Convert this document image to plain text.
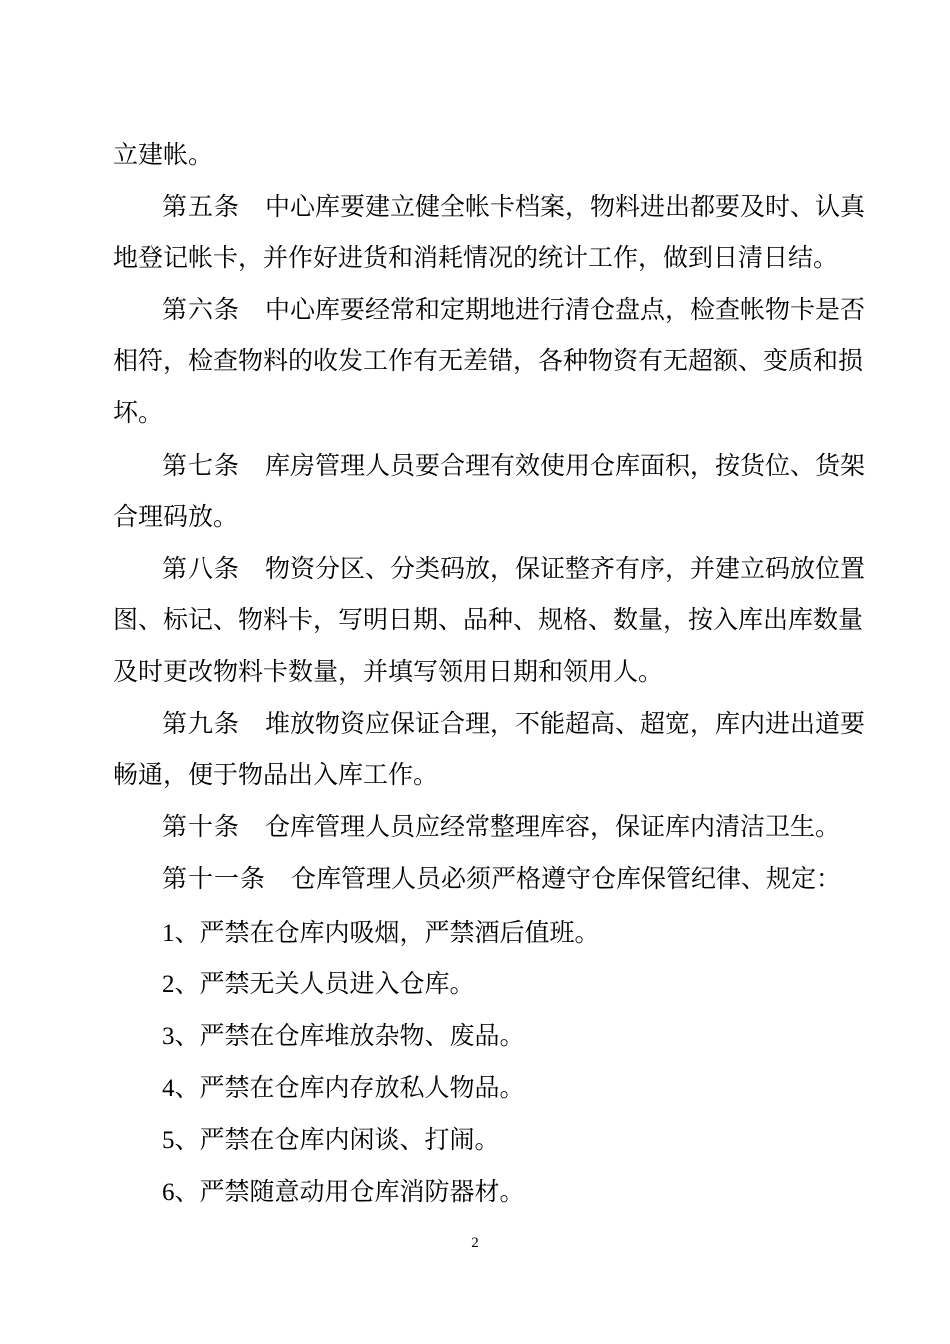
立建帐。
第五条 中心库要建立健全帐卡档案，物料进出都要及时、认真
地登记帐卡，并作好进货和消耗情况的统计工作，做到日清日结。
第六条 中心库要经常和定期地进行清仓盘点，检查帐物卡是否
相符，检查物料的收发工作有无差错，各种物资有无超额、变质和损
坏。
第七条 库房管理人员要合理有效使用仓库面积，按货位、货架
合理码放。
第八条 物资分区、分类码放，保证整齐有序，并建立码放位置
图、标记、物料卡，写明日期、品种、规格、数量，按入库出库数量
及时更改物料卡数量，并填写领用日期和领用人。
第九条 堆放物资应保证合理，不能超高、超宽，库内进出道要
畅通，便于物品出入库工作。
第十条 仓库管理人员应经常整理库容，保证库内清洁卫生。
第十一条 仓库管理人员必须严格遵守仓库保管纪律、规定：
1、严禁在仓库内吸烟，严禁酒后值班。
2、严禁无关人员进入仓库。
3、严禁在仓库堆放杂物、废品。
4、严禁在仓库内存放私人物品。
5、严禁在仓库内闲谈、打闹。
6、严禁随意动用仓库消防器材。
2
